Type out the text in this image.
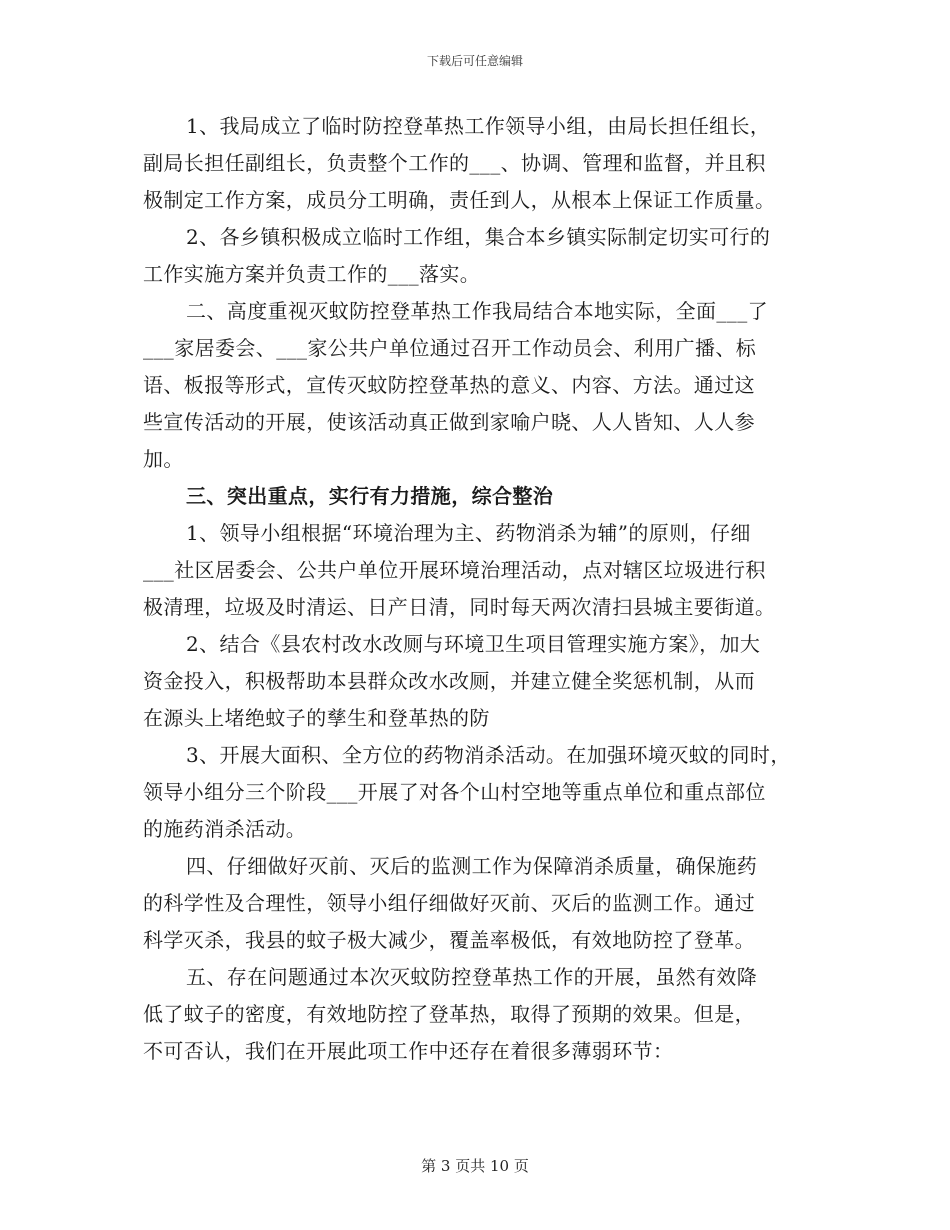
下载后可任意编辑
1、我局成立了临时防控登革热工作领导小组，由局长担任组长，
副局长担任副组长，负责整个工作的___、协调、管理和监督，并且积
极制定工作方案，成员分工明确，责任到人，从根本上保证工作质量。
2、各乡镇积极成立临时工作组，集合本乡镇实际制定切实可行的
工作实施方案并负责工作的___落实。
二、高度重视灭蚊防控登革热工作我局结合本地实际，全面___了
___家居委会、___家公共户单位通过召开工作动员会、利用广播、标
语、板报等形式，宣传灭蚊防控登革热的意义、内容、方法。通过这
些宣传活动的开展，使该活动真正做到家喻户晓、人人皆知、人人参
加。
三、突出重点，实行有力措施，综合整治
1、领导小组根据“环境治理为主、药物消杀为辅”的原则，仔细
___社区居委会、公共户单位开展环境治理活动，点对辖区垃圾进行积
极清理，垃圾及时清运、日产日清，同时每天两次清扫县城主要街道。
2、结合《县农村改水改厕与环境卫生项目管理实施方案》，加大
资金投入，积极帮助本县群众改水改厕，并建立健全奖惩机制，从而
在源头上堵绝蚊子的孳生和登革热的防
3、开展大面积、全方位的药物消杀活动。在加强环境灭蚊的同时，
领导小组分三个阶段___开展了对各个山村空地等重点单位和重点部位
的施药消杀活动。
四、仔细做好灭前、灭后的监测工作为保障消杀质量，确保施药
的科学性及合理性，领导小组仔细做好灭前、灭后的监测工作。通过
科学灭杀，我县的蚊子极大减少，覆盖率极低，有效地防控了登革。
五、存在问题通过本次灭蚊防控登革热工作的开展，虽然有效降
低了蚊子的密度，有效地防控了登革热，取得了预期的效果。但是，
不可否认，我们在开展此项工作中还存在着很多薄弱环节：
第 3 页共 10 页
